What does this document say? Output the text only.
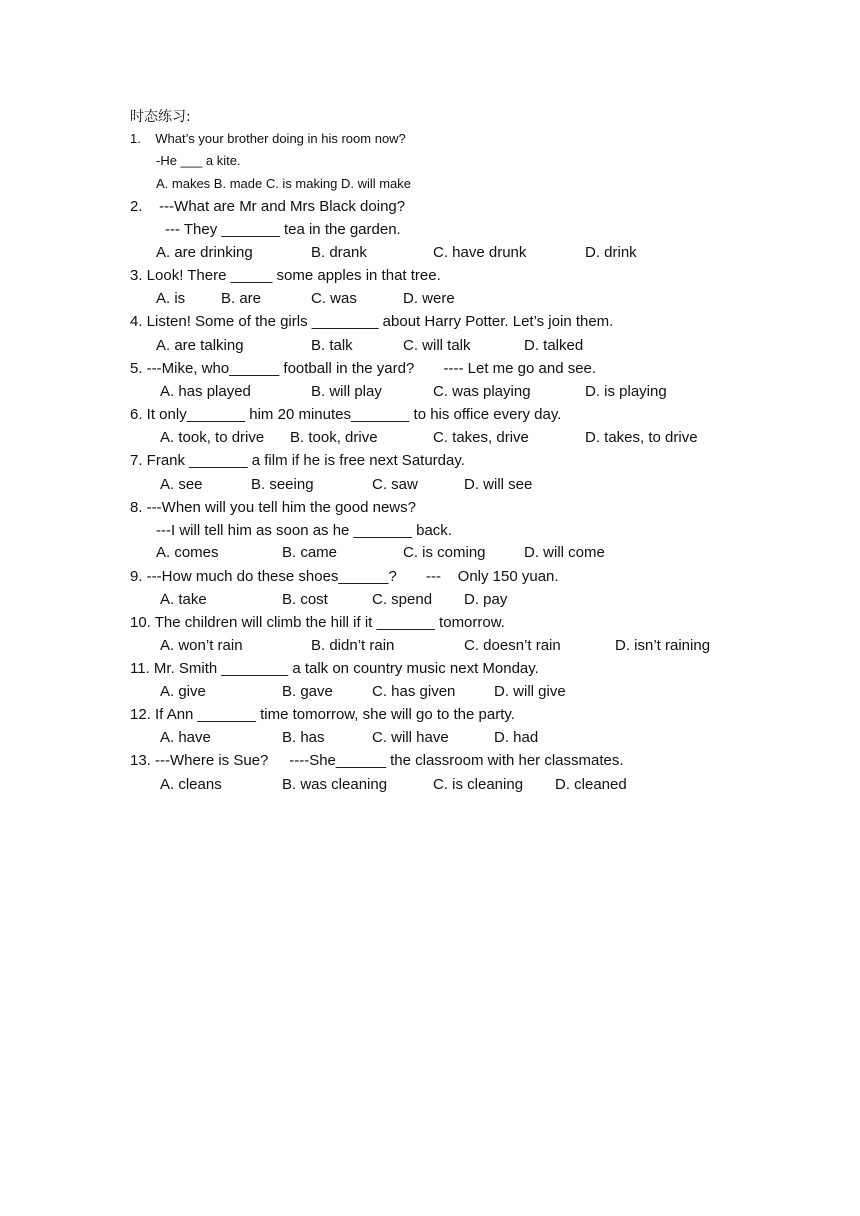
时态练习:
1.    What’s your brother doing in his room now?
-He ___ a kite.
A. makes B. made C. is making D. will make
2.    ---What are Mr and Mrs Black doing?
--- They _______ tea in the garden.
A. are drinking	B. drank	C. have drunk	D. drink
3. Look! There _____ some apples in that tree.
A. is B. are	C. was	D. were
4. Listen! Some of the girls ________ about Harry Potter. Let’s join them.
A. are talking	B. talk	C. will talk	D. talked
5. ---Mike, who______ football in the yard?       ---- Let me go and see.
A. has played	B. will play	C. was playing	D. is playing
6. It only_______ him 20 minutes_______ to his office every day.
A. took, to drive B. took, drive	C. takes, drive	D. takes, to drive
7. Frank _______ a film if he is free next Saturday.
A. see	B. seeing	C. saw	D. will see
8. ---When will you tell him the good news?
---I will tell him as soon as he _______ back.
A. comes	B. came	C. is coming	D. will come
9. ---How much do these shoes______?       ---    Only 150 yuan.
A. take	B. cost	C. spend D. pay
10. The children will climb the hill if it _______ tomorrow.
A. won’t rain	B. didn’t rain	C. doesn’t rain	D. isn’t raining
11. Mr. Smith ________ a talk on country music next Monday.
A. give	B. gave	C. has given	D. will give
12. If Ann _______ time tomorrow, she will go to the party.
A. have	B. has	C. will have	D. had
13. ---Where is Sue?     ----She______ the classroom with her classmates.
A. cleans	B. was cleaning	C. is cleaning D. cleaned
